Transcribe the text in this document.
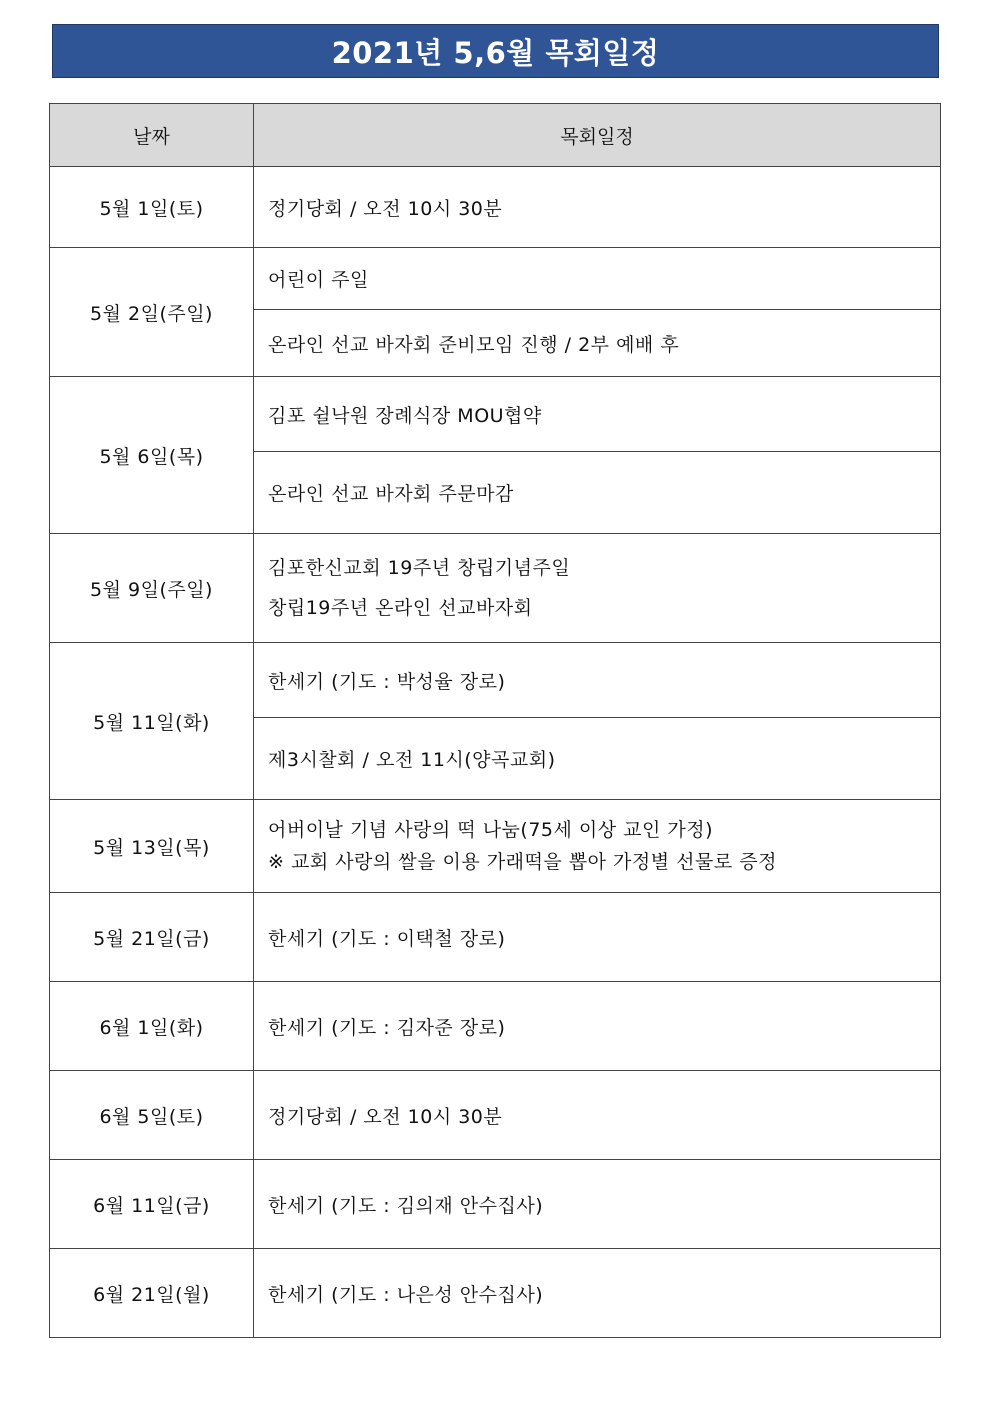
2021년 5,6월 목회일정
날짜	목회일정
5월 1일(토)	정기당회 / 오전 10시 30분
5월 2일(주일)	어린이 주일
	온라인 선교 바자회 준비모임 진행 / 2부 예배 후
5월 6일(목)	김포 쉴낙원 장례식장 MOU협약
	온라인 선교 바자회 주문마감
5월 9일(주일)	김포한신교회 19주년 창립기념주일
창립19주년 온라인 선교바자회

5월 11일(화)	한세기 (기도 : 박성율 장로)
	제3시찰회 / 오전 11시(양곡교회)
5월 13일(목)	어버이날 기념 사랑의 떡 나눔(75세 이상 교인 가정)
※ 교회 사랑의 쌀을 이용 가래떡을 뽑아 가정별 선물로 증정

5월 21일(금)	한세기 (기도 : 이택철 장로)
6월 1일(화)	한세기 (기도 : 김자준 장로)
6월 5일(토)	정기당회 / 오전 10시 30분
6월 11일(금)	한세기 (기도 : 김의재 안수집사)
6월 21일(월)	한세기 (기도 : 나은성 안수집사)
